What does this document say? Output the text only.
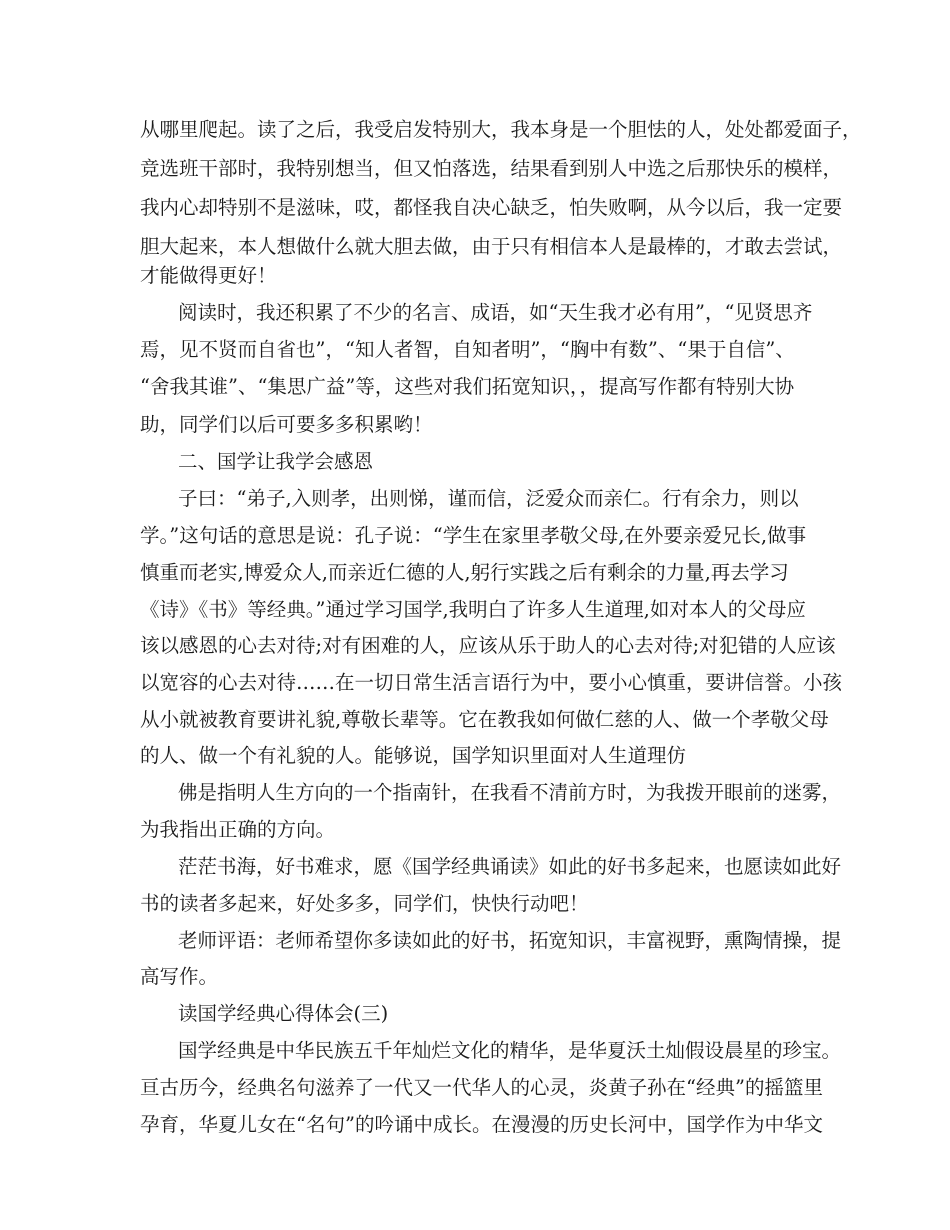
从哪里爬起。读了之后，我受启发特别大，我本身是一个胆怯的人，处处都爱面子，
竞选班干部时，我特别想当，但又怕落选，结果看到别人中选之后那快乐的模样，
我内心却特别不是滋味，哎，都怪我自决心缺乏，怕失败啊，从今以后，我一定要
胆大起来，本人想做什么就大胆去做，由于只有相信本人是最棒的，才敢去尝试，
才能做得更好！
阅读时，我还积累了不少的名言、成语，如“天生我才必有用”，“见贤思齐
焉，见不贤而自省也”，“知人者智，自知者明”，“胸中有数”、“果于自信”、
“舍我其谁”、“集思广益”等，这些对我们拓宽知识，，提高写作都有特别大协
助，同学们以后可要多多积累哟！
二、国学让我学会感恩
子曰：“弟子,入则孝，出则悌，谨而信，泛爱众而亲仁。行有余力，则以
学。”这句话的意思是说：孔子说：“学生在家里孝敬父母,在外要亲爱兄长,做事
慎重而老实,博爱众人,而亲近仁德的人,躬行实践之后有剩余的力量,再去学习
《诗》《书》等经典。”通过学习国学,我明白了许多人生道理,如对本人的父母应
该以感恩的心去对待;对有困难的人，应该从乐于助人的心去对待;对犯错的人应该
以宽容的心去对待……在一切日常生活言语行为中，要小心慎重，要讲信誉。小孩
从小就被教育要讲礼貌,尊敬长辈等。它在教我如何做仁慈的人、做一个孝敬父母
的人、做一个有礼貌的人。能够说，国学知识里面对人生道理仿
佛是指明人生方向的一个指南针，在我看不清前方时，为我拨开眼前的迷雾，
为我指出正确的方向。
茫茫书海，好书难求，愿《国学经典诵读》如此的好书多起来，也愿读如此好
书的读者多起来，好处多多，同学们，快快行动吧！
老师评语：老师希望你多读如此的好书，拓宽知识，丰富视野，熏陶情操，提
高写作。
读国学经典心得体会(三)
国学经典是中华民族五千年灿烂文化的精华，是华夏沃土灿假设晨星的珍宝。
亘古历今，经典名句滋养了一代又一代华人的心灵，炎黄子孙在“经典”的摇篮里
孕育，华夏儿女在“名句”的吟诵中成长。在漫漫的历史长河中，国学作为中华文
